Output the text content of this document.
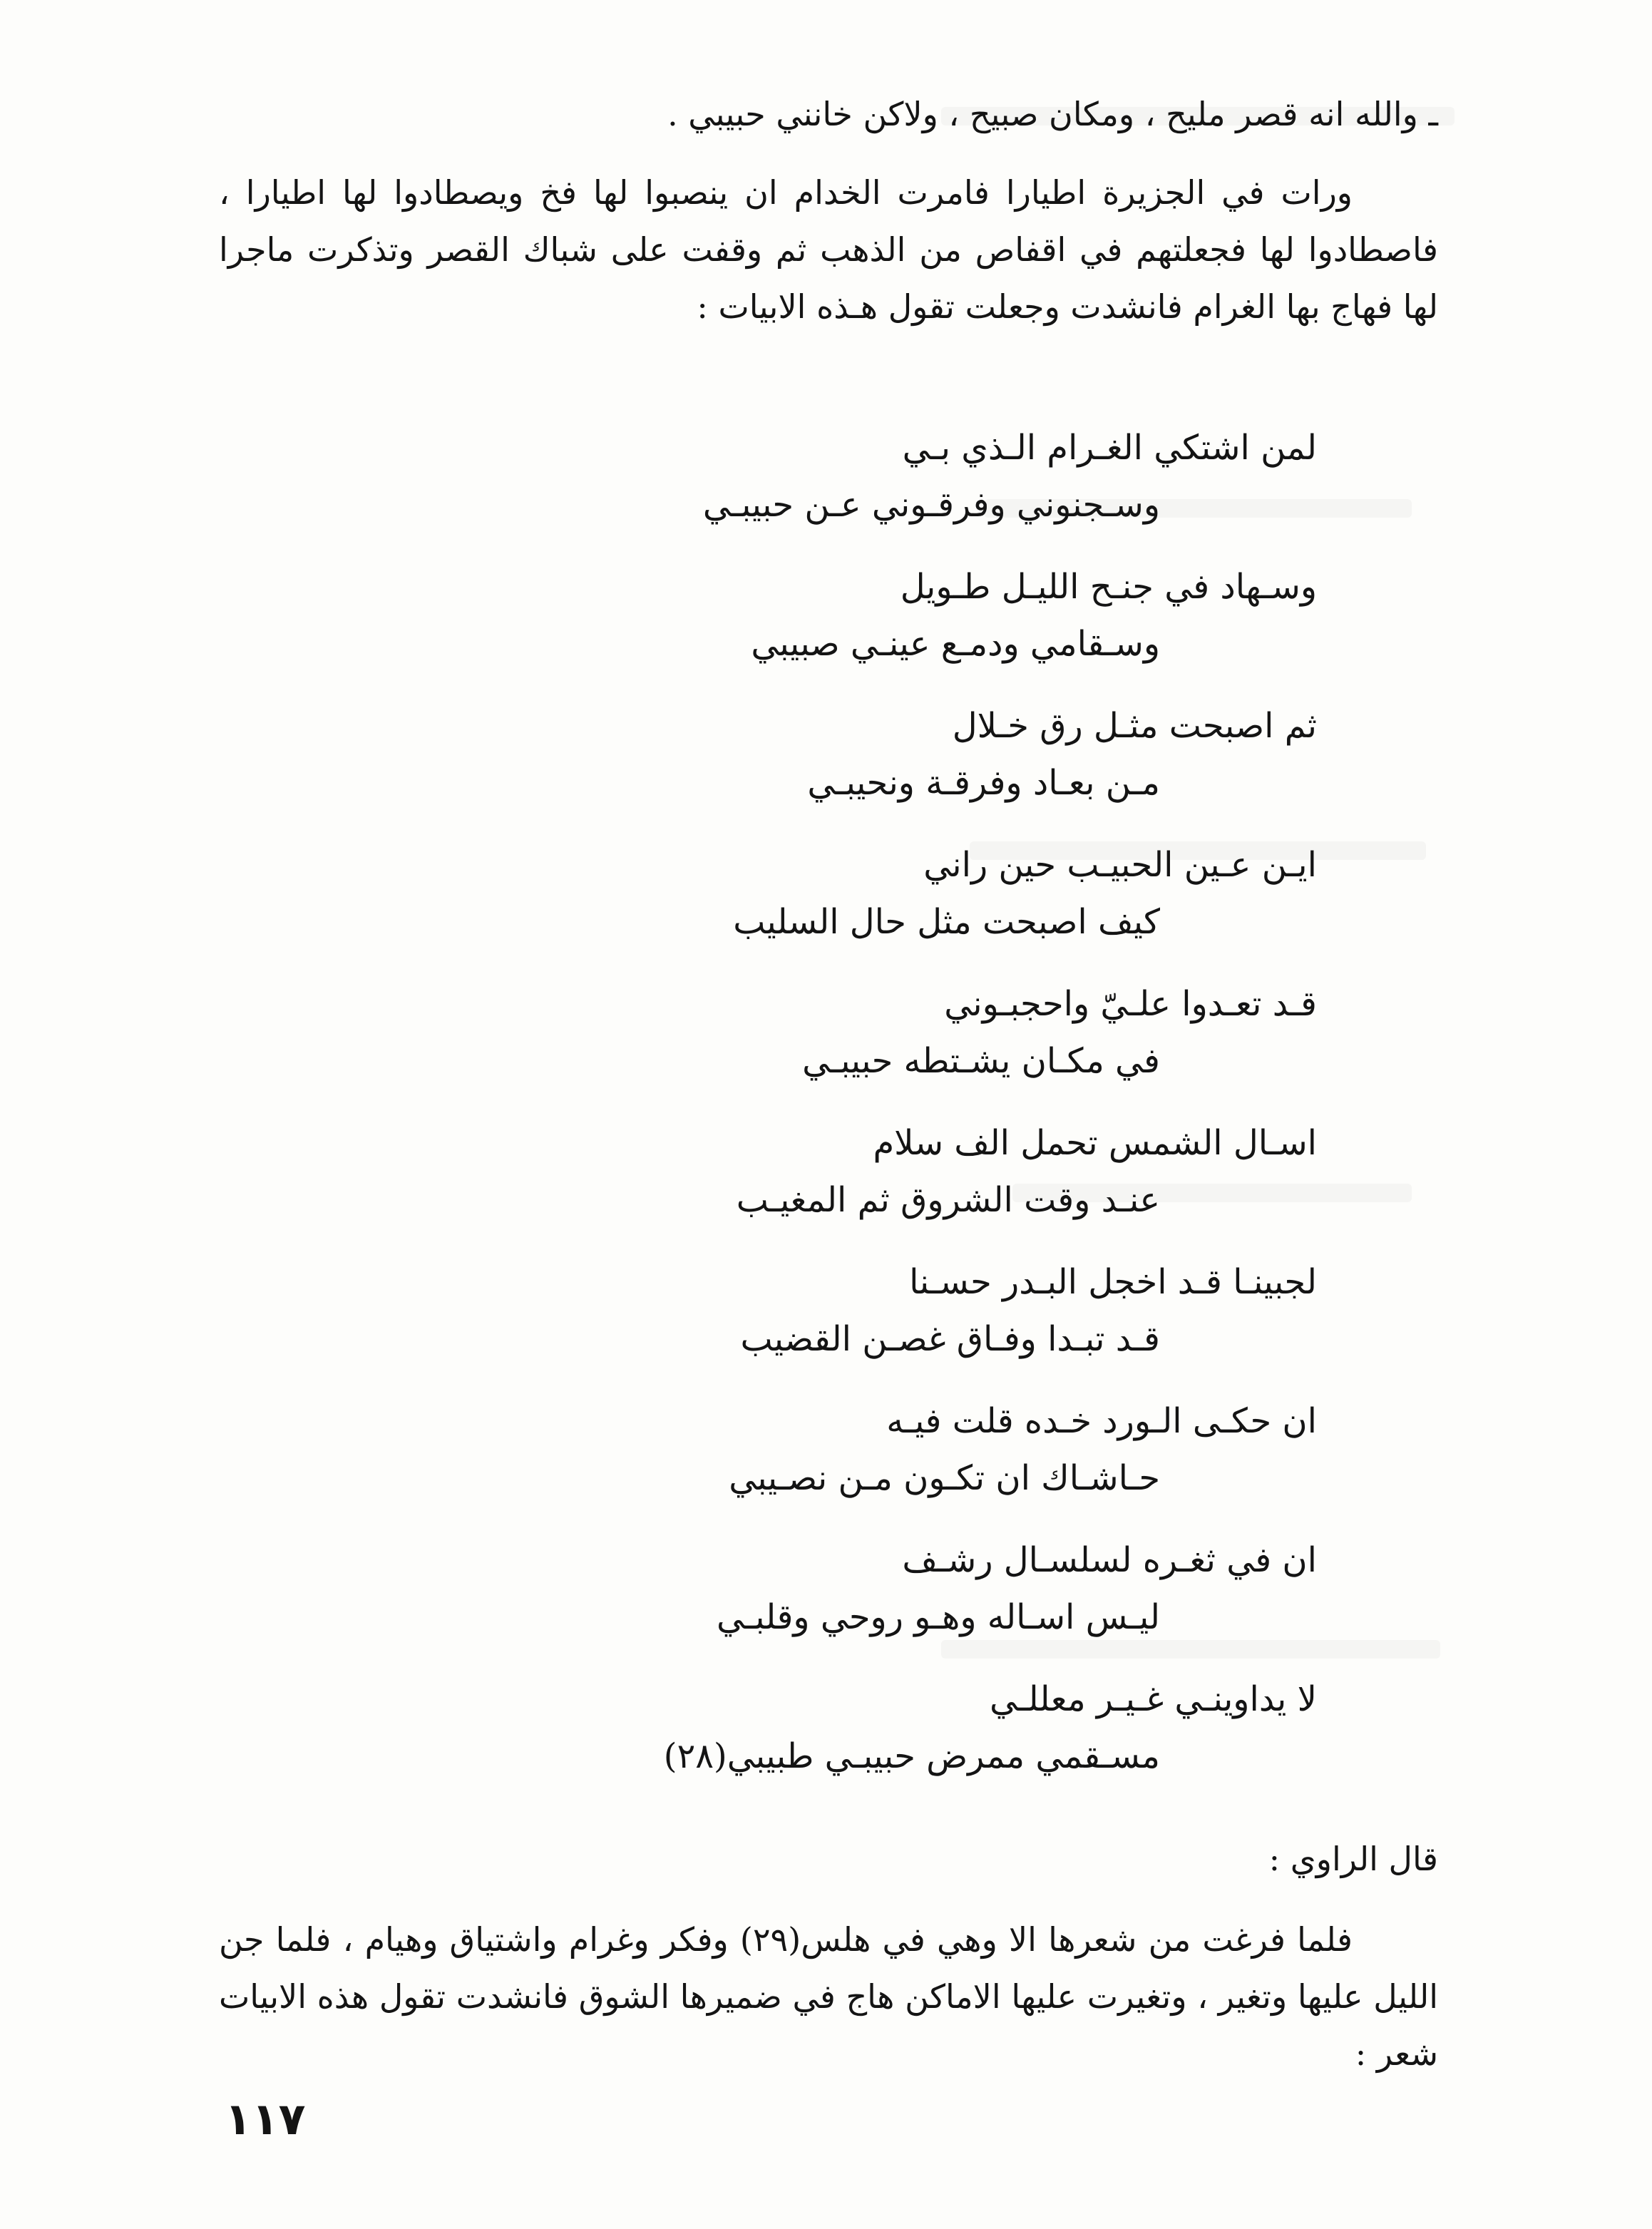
ـ والله انه قصر مليح ، ومكان صبيح ، ولاكن خانني حبيبي .

ورات في الجزيرة اطيارا فامرت الخدام ان ينصبوا لها فخ ويصطادوا لها اطيارا ، فاصطادوا لها فجعلتهم في اقفاص من الذهب ثم وقفت على شباك القصر وتذكرت ماجرا لها فهاج بها الغرام فانشدت وجعلت تقول هـذه الابيات :

لمن اشتكي الغـرام الـذي بـي

وسـجنوني وفرقـوني عـن حبيبـي

وسـهاد في جنـح الليـل طـويل

وسـقامي ودمـع عينـي صبيبي

ثم اصبحت مثـل رق خـلال

مـن بعـاد وفرقـة ونحيبـي

ايـن عـين الحبيـب حين راني

كيف اصبحت مثل حال السليب

قـد تعـدوا علـيّ واحجبـوني

في مكـان يشـتطه حبيبـي

اسـال الشمس تحمل الف سلام

عنـد وقت الشروق ثم المغيـب

لجبينـا قـد اخجل البـدر حسـنا

قـد تبـدا وفـاق غصـن القضيب

ان حكـى الـورد خـده قلت فيـه

حـاشـاك ان تكـون مـن نصـيبي

ان في ثغـره لسلسـال رشـف

ليـس اسـاله وهـو روحي وقلبـي

لا يداوينـي غـيـر معللـي

مسـقمي ممرض حبيبـي طبيبي(٢٨)

قال الراوي :

فلما فرغت من شعرها الا وهي في هلس(٢٩) وفكر وغرام واشتياق وهيام ، فلما جن الليل عليها وتغير ، وتغيرت عليها الاماكن هاج في ضميرها الشوق فانشدت تقول هذه الابيات شعر :

١١٧
